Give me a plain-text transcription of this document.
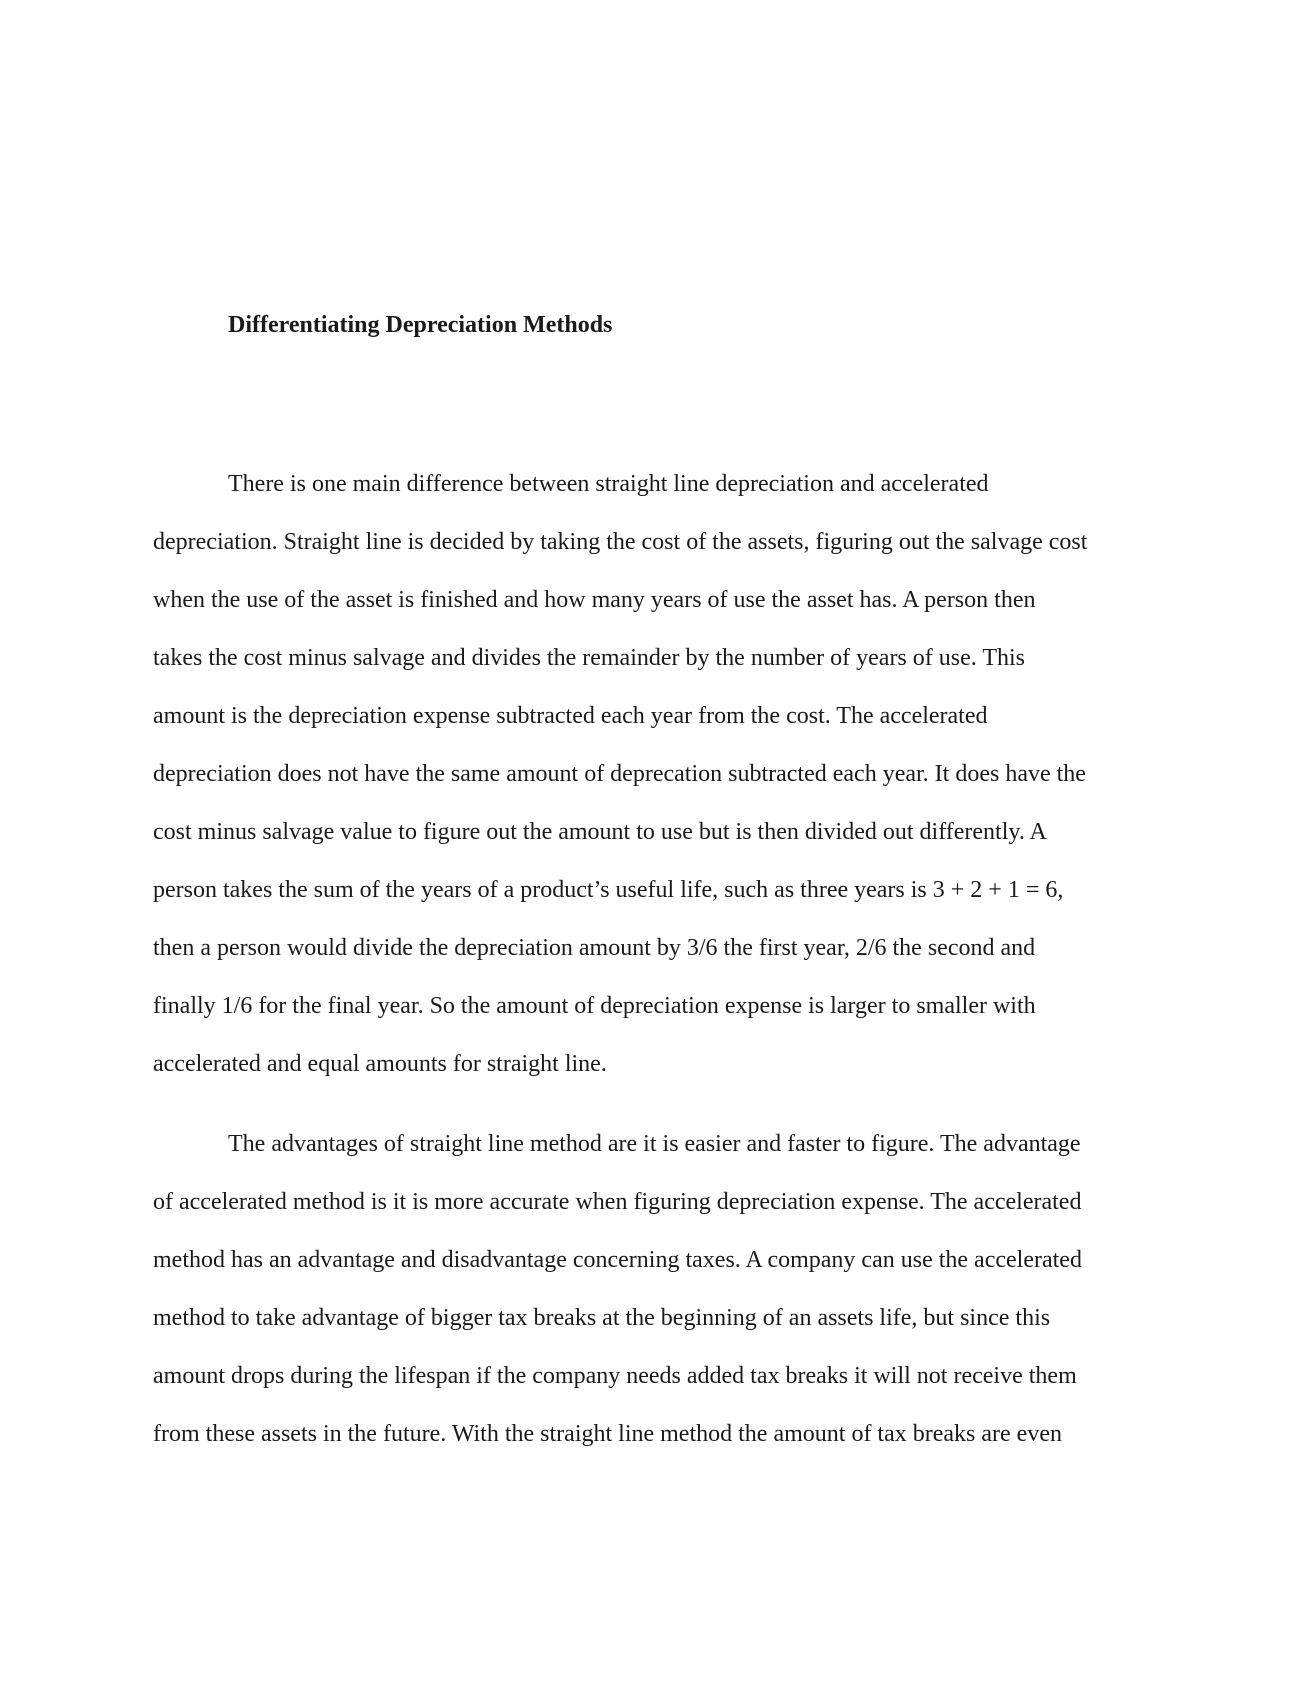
Differentiating Depreciation Methods

There is one main difference between straight line depreciation and accelerated

depreciation. Straight line is decided by taking the cost of the assets, figuring out the salvage cost

when the use of the asset is finished and how many years of use the asset has. A person then

takes the cost minus salvage and divides the remainder by the number of years of use. This

amount is the depreciation expense subtracted each year from the cost. The accelerated

depreciation does not have the same amount of deprecation subtracted each year. It does have the

cost minus salvage value to figure out the amount to use but is then divided out differently. A

person takes the sum of the years of a product’s useful life, such as three years is 3 + 2 + 1 = 6,

then a person would divide the depreciation amount by 3/6 the first year, 2/6 the second and

finally 1/6 for the final year. So the amount of depreciation expense is larger to smaller with

accelerated and equal amounts for straight line.

The advantages of straight line method are it is easier and faster to figure. The advantage

of accelerated method is it is more accurate when figuring depreciation expense. The accelerated

method has an advantage and disadvantage concerning taxes. A company can use the accelerated

method to take advantage of bigger tax breaks at the beginning of an assets life, but since this

amount drops during the lifespan if the company needs added tax breaks it will not receive them

from these assets in the future. With the straight line method the amount of tax breaks are even
